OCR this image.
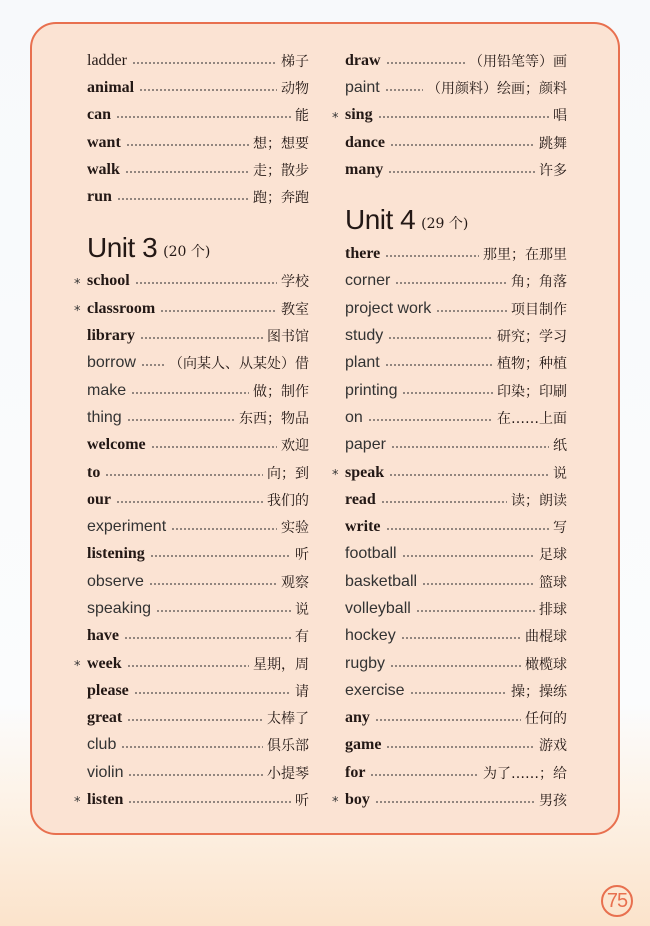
ladder	梯子
animal	动物
can	能
want	想；想要
walk	走；散步
run	跑；奔跑
Unit 3 (20 个)
* school	学校
* classroom	教室
library	图书馆
borrow （向某人、从某处）借
make	做；制作
thing	东西；物品
welcome	欢迎
to	向；到
our	我们的
experiment	实验
listening	听
observe	观察
speaking	说
have	有
* week	星期，周
please	请
great	太棒了
club	俱乐部
violin	小提琴
* listen	听
draw	（用铅笔等）画
paint	（用颜料）绘画；颜料
* sing	唱
dance	跳舞
many	许多
Unit 4 (29 个)
there	那里；在那里
corner	角；角落
project work	项目制作
study	研究；学习
plant	植物；种植
printing	印染；印刷
on	在……上面
paper	纸
* speak	说
read	读；朗读
write	写
football	足球
basketball	篮球
volleyball	排球
hockey	曲棍球
rugby	橄榄球
exercise	操；操练
any	任何的
game	游戏
for	为了……；给
* boy	男孩
75
